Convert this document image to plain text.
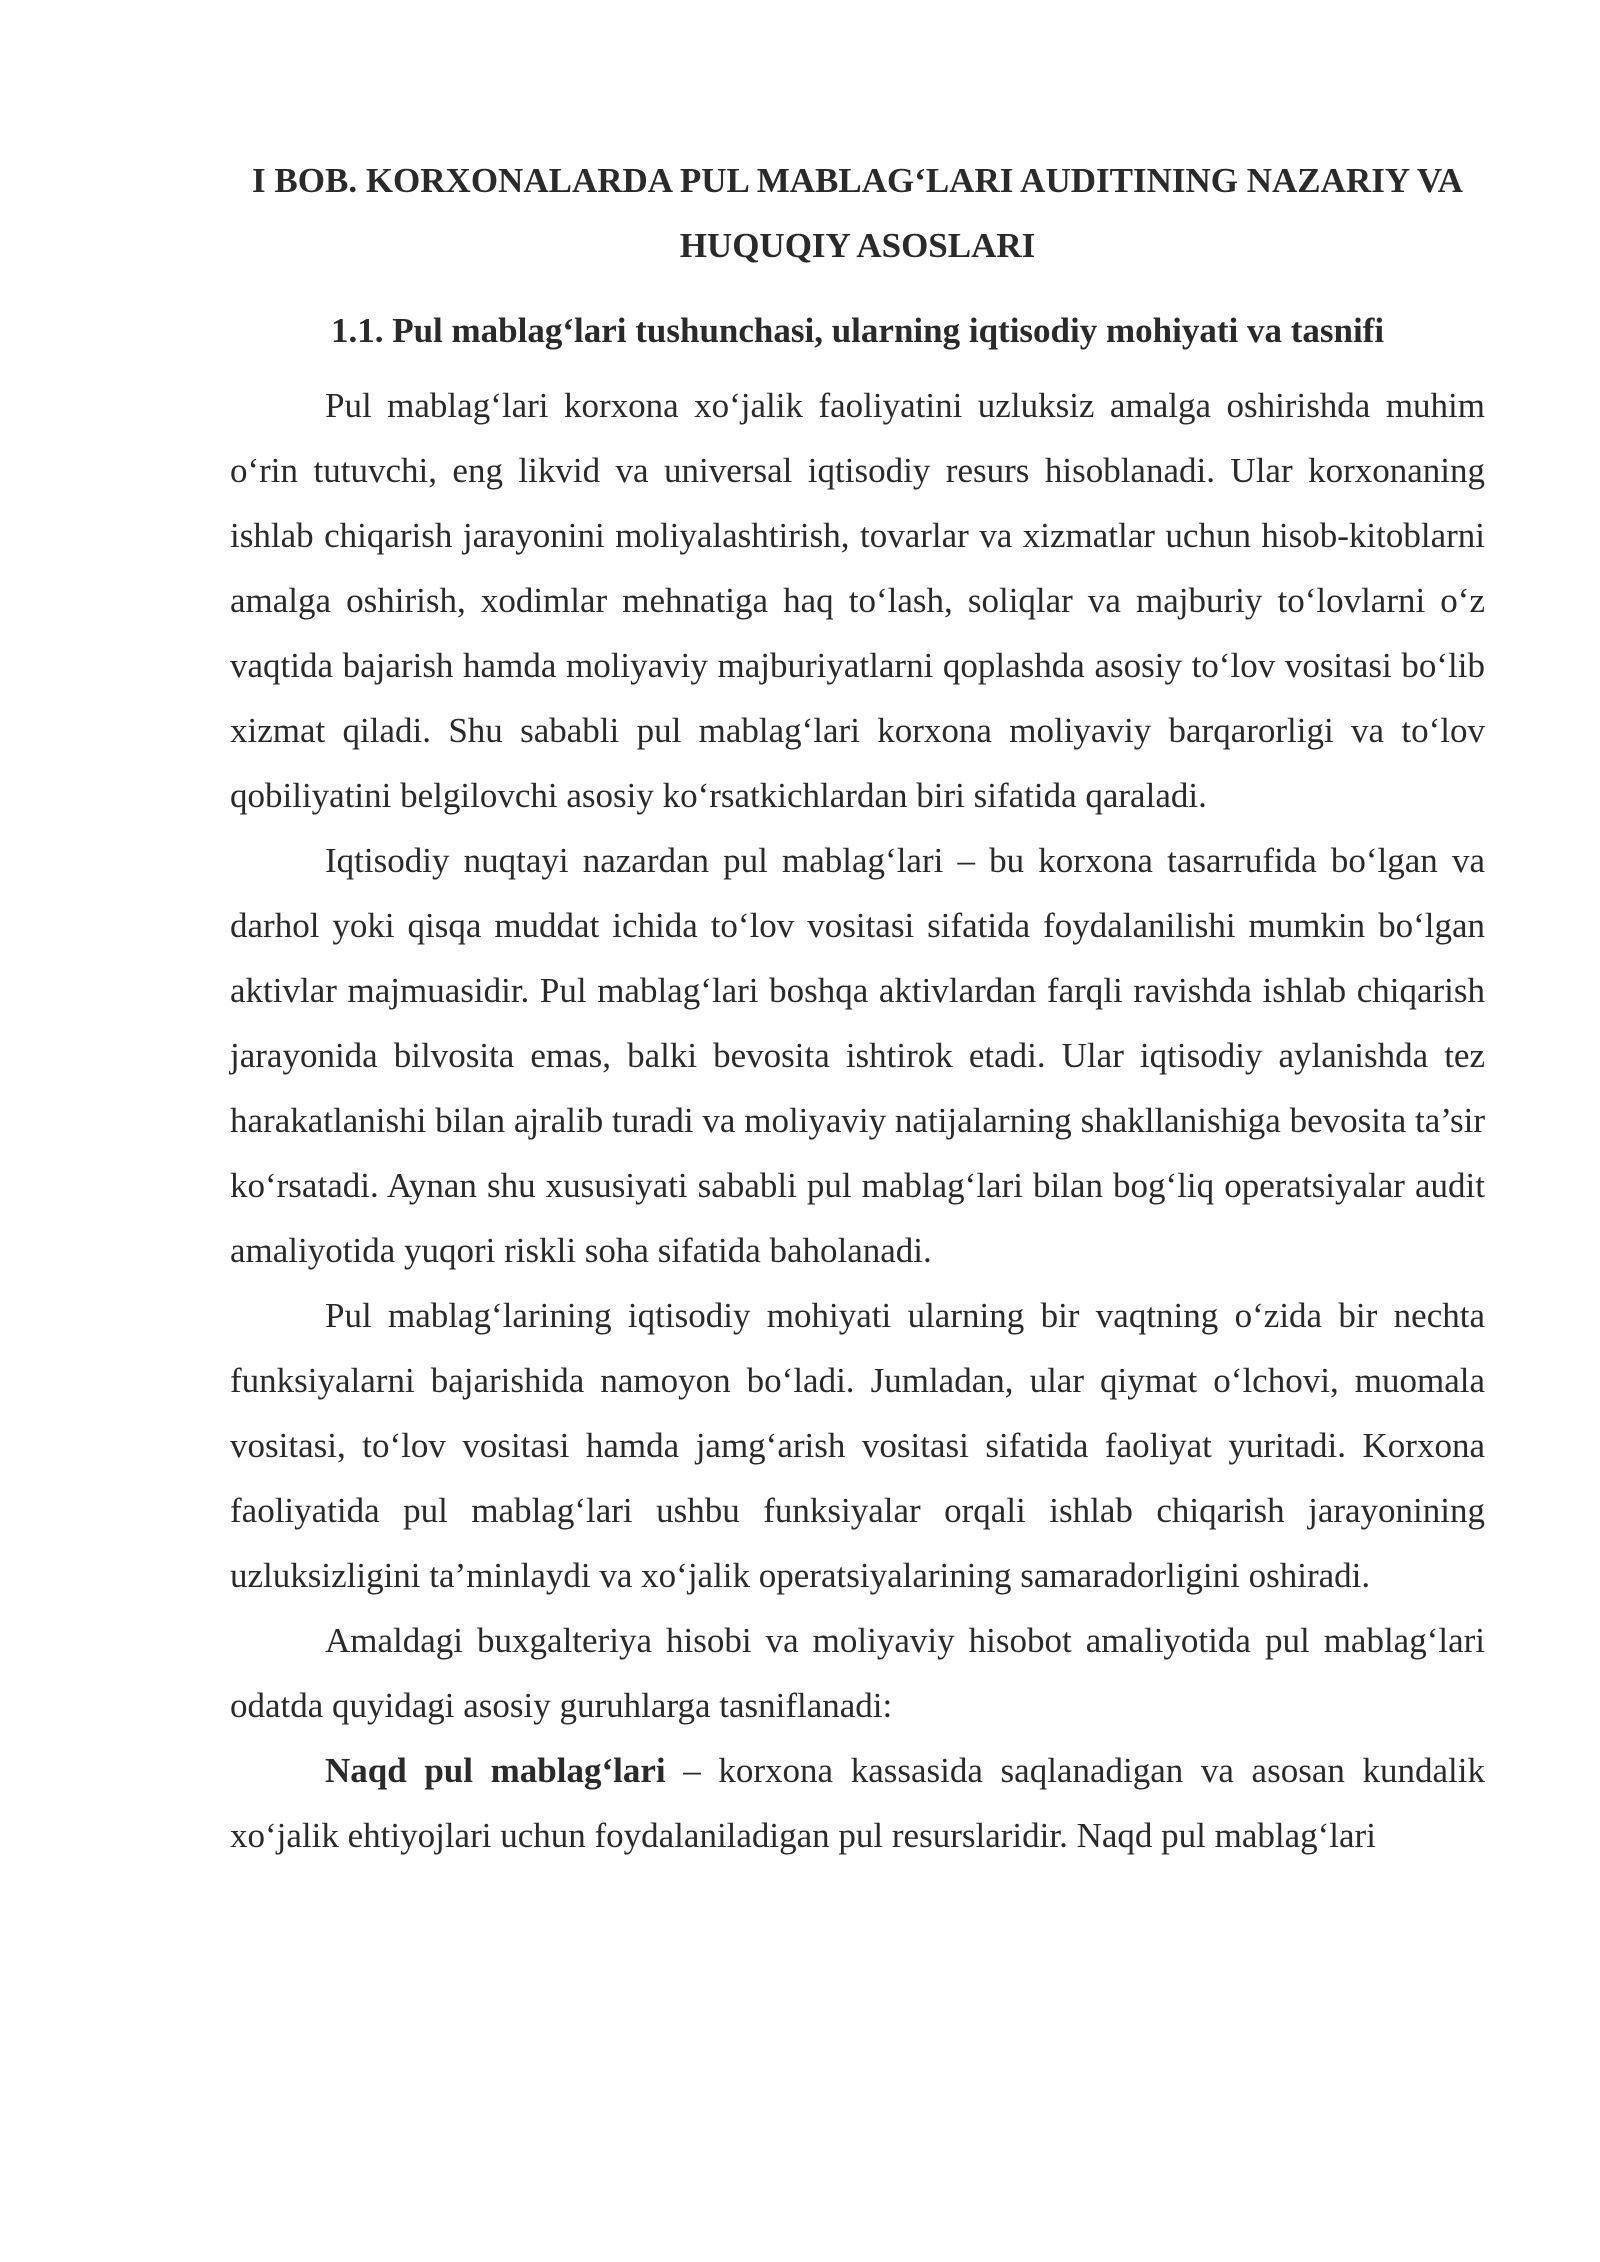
I BOB. KORXONALARDA PUL MABLAG‘LARI AUDITINING NAZARIY VA HUQUQIY ASOSLARI
1.1. Pul mablag‘lari tushunchasi, ularning iqtisodiy mohiyati va tasnifi

Pul mablag‘lari korxona xo‘jalik faoliyatini uzluksiz amalga oshirishda muhim o‘rin tutuvchi, eng likvid va universal iqtisodiy resurs hisoblanadi. Ular korxonaning ishlab chiqarish jarayonini moliyalashtirish, tovarlar va xizmatlar uchun hisob-kitoblarni amalga oshirish, xodimlar mehnatiga haq to‘lash, soliqlar va majburiy to‘lovlarni o‘z vaqtida bajarish hamda moliyaviy majburiyatlarni qoplashda asosiy to‘lov vositasi bo‘lib xizmat qiladi. Shu sababli pul mablag‘lari korxona moliyaviy barqarorligi va to‘lov qobiliyatini belgilovchi asosiy ko‘rsatkichlardan biri sifatida qaraladi.

Iqtisodiy nuqtayi nazardan pul mablag‘lari – bu korxona tasarrufida bo‘lgan va darhol yoki qisqa muddat ichida to‘lov vositasi sifatida foydalanilishi mumkin bo‘lgan aktivlar majmuasidir. Pul mablag‘lari boshqa aktivlardan farqli ravishda ishlab chiqarish jarayonida bilvosita emas, balki bevosita ishtirok etadi. Ular iqtisodiy aylanishda tez harakatlanishi bilan ajralib turadi va moliyaviy natijalarning shakllanishiga bevosita ta’sir ko‘rsatadi. Aynan shu xususiyati sababli pul mablag‘lari bilan bog‘liq operatsiyalar audit amaliyotida yuqori riskli soha sifatida baholanadi.

Pul mablag‘larining iqtisodiy mohiyati ularning bir vaqtning o‘zida bir nechta funksiyalarni bajarishida namoyon bo‘ladi. Jumladan, ular qiymat o‘lchovi, muomala vositasi, to‘lov vositasi hamda jamg‘arish vositasi sifatida faoliyat yuritadi. Korxona faoliyatida pul mablag‘lari ushbu funksiyalar orqali ishlab chiqarish jarayonining uzluksizligini ta’minlaydi va xo‘jalik operatsiyalarining samaradorligini oshiradi.

Amaldagi buxgalteriya hisobi va moliyaviy hisobot amaliyotida pul mablag‘lari odatda quyidagi asosiy guruhlarga tasniflanadi:

Naqd pul mablag‘lari – korxona kassasida saqlanadigan va asosan kundalik xo‘jalik ehtiyojlari uchun foydalaniladigan pul resurslaridir. Naqd pul mablag‘lari
